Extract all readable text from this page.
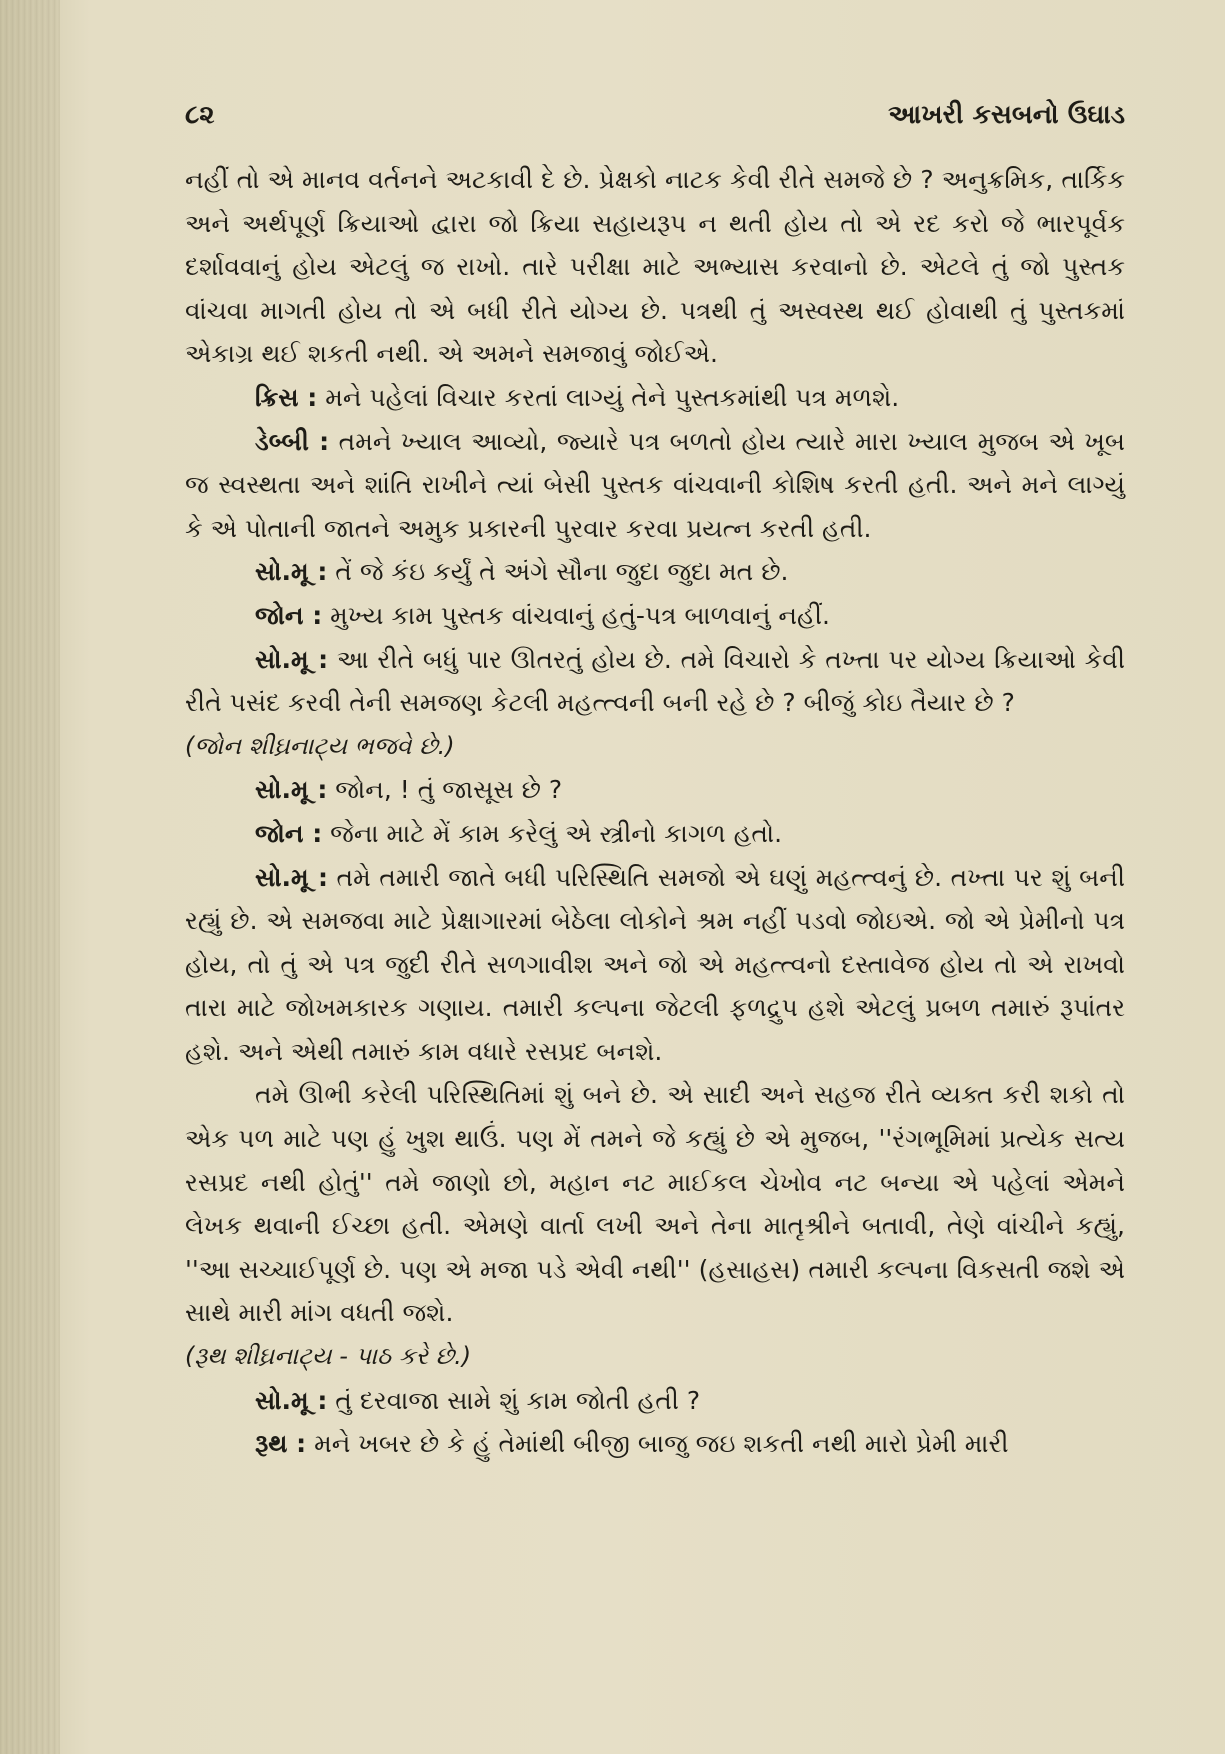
૮૨	આખરી કસબનો ઉઘાડ

નહીં તો એ માનવ વર્તનને અટકાવી દે છે. પ્રેક્ષકો નાટક કેવી રીતે સમજે છે ? અનુક્રમિક, તાર્કિક અને અર્થપૂર્ણ ક્રિયાઓ દ્વારા જો ક્રિયા સહાયરૂપ ન થતી હોય તો એ રદ કરો જે ભારપૂર્વક દર્શાવવાનું હોય એટલું જ રાખો. તારે પરીક્ષા માટે અભ્યાસ કરવાનો છે. એટલે તું જો પુસ્તક વાંચવા માગતી હોય તો એ બધી રીતે યોગ્ય છે. પત્રથી તું અસ્વસ્થ થઈ હોવાથી તું પુસ્તકમાં એકાગ્ર થઈ શકતી નથી. એ અમને સમજાવું જોઈએ.

ક્રિસ : મને પહેલાં વિચાર કરતાં લાગ્યું તેને પુસ્તકમાંથી પત્ર મળશે.

ડેબ્બી : તમને ખ્યાલ આવ્યો, જ્યારે પત્ર બળતો હોય ત્યારે મારા ખ્યાલ મુજબ એ ખૂબ જ સ્વસ્થતા અને શાંતિ રાખીને ત્યાં બેસી પુસ્તક વાંચવાની કોશિષ કરતી હતી. અને મને લાગ્યું કે એ પોતાની જાતને અમુક પ્રકારની પુરવાર કરવા પ્રયત્ન કરતી હતી.

સો.મૂ : તેં જે કંઇ કર્યું તે અંગે સૌના જુદા જુદા મત છે.

જોન : મુખ્ય કામ પુસ્તક વાંચવાનું હતું-પત્ર બાળવાનું નહીં.

સો.મૂ : આ રીતે બધું પાર ઊતરતું હોય છે. તમે વિચારો કે તખ્તા પર યોગ્ય ક્રિયાઓ કેવી રીતે પસંદ કરવી તેની સમજણ કેટલી મહત્ત્વની બની રહે છે ? બીજું કોઇ તૈયાર છે ?

(જોન શીઘ્રનાટ્ય ભજવે છે.)

સો.મૂ : જોન, ! તું જાસૂસ છે ?

જોન : જેના માટે મેં કામ કરેલું એ સ્ત્રીનો કાગળ હતો.

સો.મૂ : તમે તમારી જાતે બધી પરિસ્થિતિ સમજો એ ઘણું મહત્ત્વનું છે. તખ્તા પર શું બની રહ્યું છે. એ સમજવા માટે પ્રેક્ષાગારમાં બેઠેલા લોકોને શ્રમ નહીં પડવો જોઇએ. જો એ પ્રેમીનો પત્ર હોય, તો તું એ પત્ર જુદી રીતે સળગાવીશ અને જો એ મહત્ત્વનો દસ્તાવેજ હોય તો એ રાખવો તારા માટે જોખમકારક ગણાય. તમારી કલ્પના જેટલી ફળદ્રુપ હશે એટલું પ્રબળ તમારું રૂપાંતર હશે. અને એથી તમારું કામ વધારે રસપ્રદ બનશે.

તમે ઊભી કરેલી પરિસ્થિતિમાં શું બને છે. એ સાદી અને સહજ રીતે વ્યક્ત કરી શકો તો એક પળ માટે પણ હું ખુશ થાઉં. પણ મેં તમને જે કહ્યું છે એ મુજબ, ''રંગભૂમિમાં પ્રત્યેક સત્ય રસપ્રદ નથી હોતું'' તમે જાણો છો, મહાન નટ માઈકલ ચેખોવ નટ બન્યા એ પહેલાં એમને લેખક થવાની ઈચ્છા હતી. એમણે વાર્તા લખી અને તેના માતૃશ્રીને બતાવી, તેણે વાંચીને કહ્યું, ''આ સચ્ચાઈપૂર્ણ છે. પણ એ મજા પડે એવી નથી'' (હસાહસ) તમારી કલ્પના વિકસતી જશે એ સાથે મારી માંગ વધતી જશે.

(રૂથ શીઘ્રનાટ્ય - પાઠ કરે છે.)

સો.મૂ : તું દરવાજા સામે શું કામ જોતી હતી ?

રૂથ : મને ખબર છે કે હું તેમાંથી બીજી બાજુ જઇ શકતી નથી મારો પ્રેમી મારી
